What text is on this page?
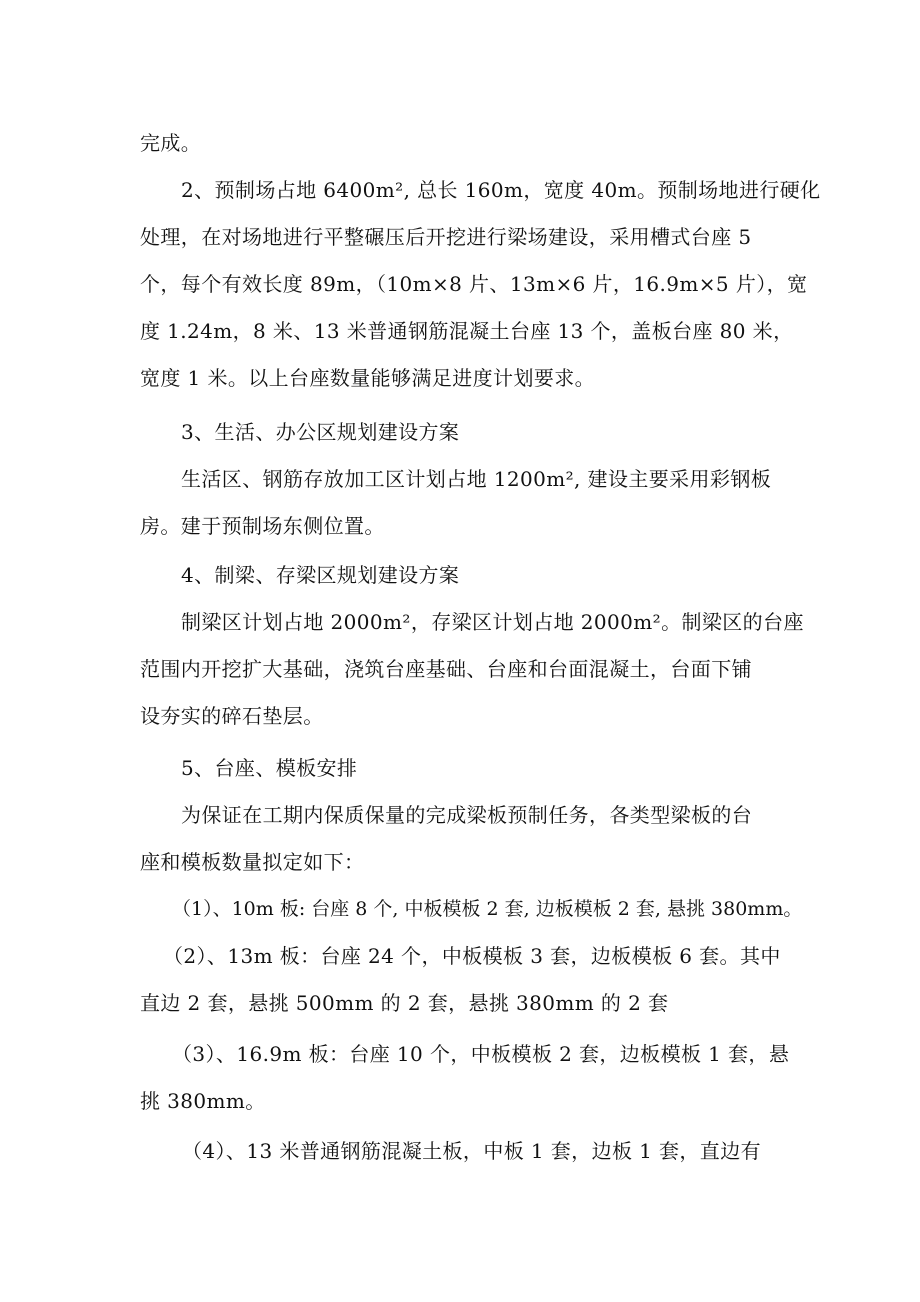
完成。
2、预制场占地 6400m², 总长 160m，宽度 40m。预制场地进行硬化
处理，在对场地进行平整碾压后开挖进行梁场建设，采用槽式台座 5
个，每个有效长度 89m，（10m×8 片、13m×6 片，16.9m×5 片），宽
度 1.24m，8 米、13 米普通钢筋混凝土台座 13 个，盖板台座 80 米，
宽度 1 米。以上台座数量能够满足进度计划要求。
3、生活、办公区规划建设方案
生活区、钢筋存放加工区计划占地 1200m², 建设主要采用彩钢板
房。建于预制场东侧位置。
4、制梁、存梁区规划建设方案
制梁区计划占地 2000m²，存梁区计划占地 2000m²。制梁区的台座
范围内开挖扩大基础，浇筑台座基础、台座和台面混凝土，台面下铺
设夯实的碎石垫层。
5、台座、模板安排
为保证在工期内保质保量的完成梁板预制任务，各类型梁板的台
座和模板数量拟定如下：
（1）、10m 板: 台座 8 个, 中板模板 2 套, 边板模板 2 套, 悬挑 380mm。
（2）、13m 板：台座 24 个，中板模板 3 套，边板模板 6 套。其中
直边 2 套，悬挑 500mm 的 2 套，悬挑 380mm 的 2 套
（3）、16.9m 板：台座 10 个，中板模板 2 套，边板模板 1 套，悬
挑 380mm。
（4）、13 米普通钢筋混凝土板，中板 1 套，边板 1 套，直边有
